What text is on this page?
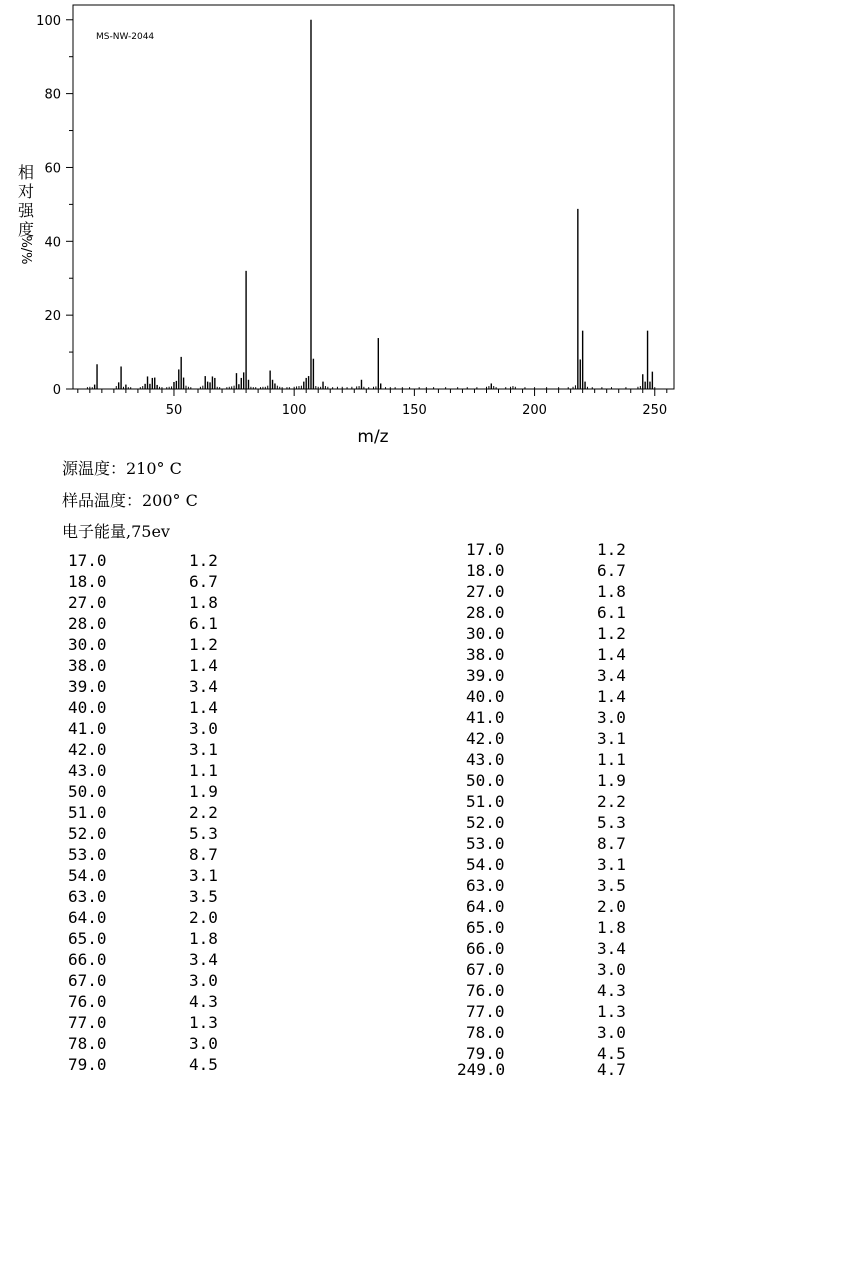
0
20
40
60
80
100
50	100	150	200	250
MS-NW-2044
m/z
相
对
强
度
%/%
源温度：210° C
样品温度：200° C
电子能量,75ev
17.0	1.2
18.0	6.7
27.0	1.8
28.0	6.1
30.0	1.2
38.0	1.4
39.0	3.4
40.0	1.4
41.0	3.0
42.0	3.1
43.0	1.1
50.0	1.9
51.0	2.2
52.0	5.3
53.0	8.7
54.0	3.1
63.0	3.5
64.0	2.0
65.0	1.8
66.0	3.4
67.0	3.0
76.0	4.3
77.0	1.3
78.0	3.0
79.0	4.5
17.0	1.2
18.0	6.7
27.0	1.8
28.0	6.1
30.0	1.2
38.0	1.4
39.0	3.4
40.0	1.4
41.0	3.0
42.0	3.1
43.0	1.1
50.0	1.9
51.0	2.2
52.0	5.3
53.0	8.7
54.0	3.1
63.0	3.5
64.0	2.0
65.0	1.8
66.0	3.4
67.0	3.0
76.0	4.3
77.0	1.3
78.0	3.0
79.0	4.5
249.0	4.7
